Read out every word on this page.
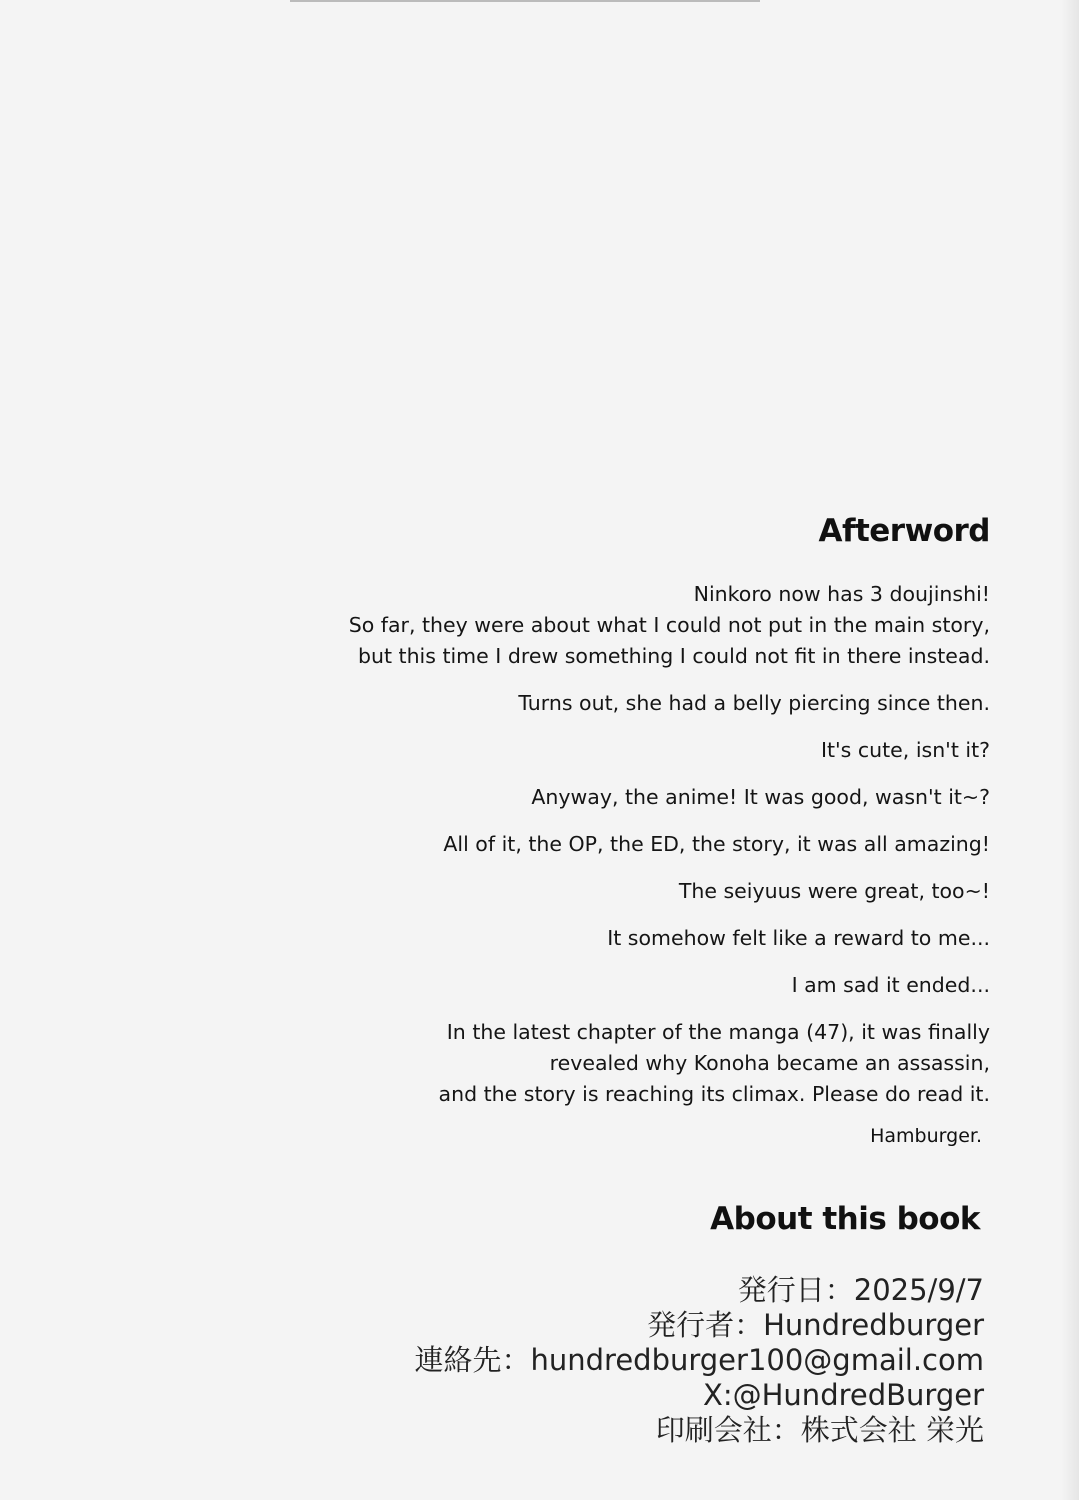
Afterword

Ninkoro now has 3 doujinshi!

So far, they were about what I could not put in the main story,

but this time I drew something I could not fit in there instead.

Turns out, she had a belly piercing since then.

It's cute, isn't it?

Anyway, the anime! It was good, wasn't it~?

All of it, the OP, the ED, the story, it was all amazing!

The seiyuus were great, too~!

It somehow felt like a reward to me...

I am sad it ended...

In the latest chapter of the manga (47), it was finally

revealed why Konoha became an assassin,

and the story is reaching its climax. Please do read it.

Hamburger.

About this book
発行日：2025/9/7
発行者：Hundredburger
連絡先：hundredburger100@gmail.com
X:@HundredBurger
印刷会社：株式会社 栄光
